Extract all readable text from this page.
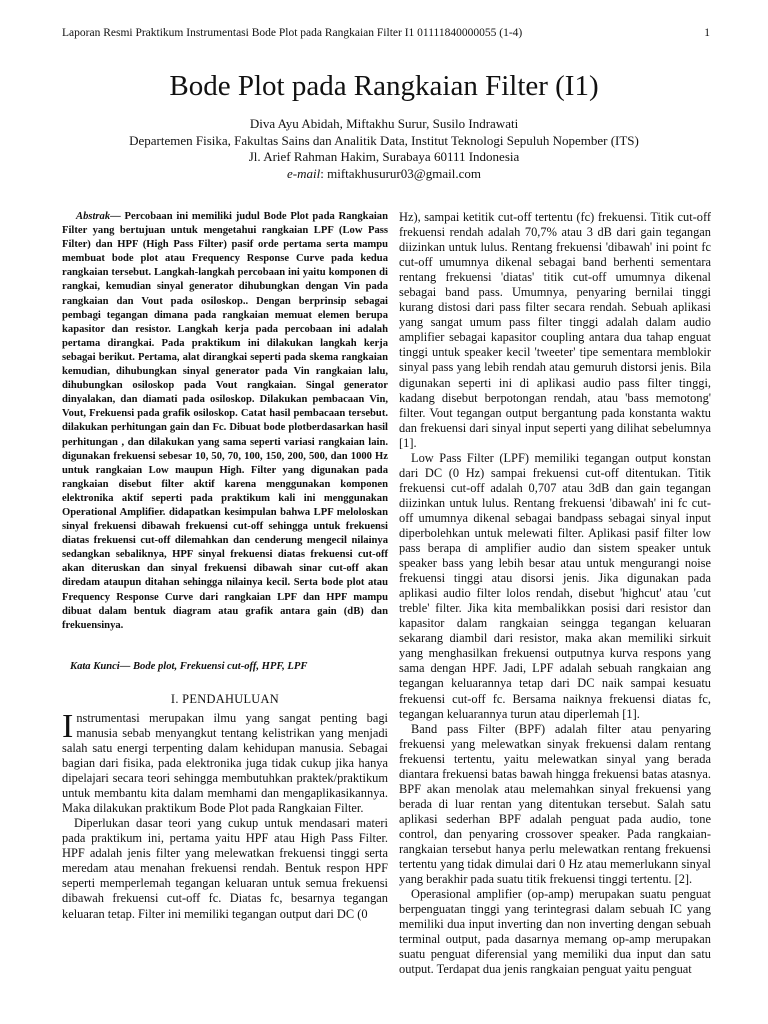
Laporan Resmi Praktikum Instrumentasi Bode Plot pada Rangkaian Filter I1 01111840000055 (1-4)	1
Bode Plot pada Rangkaian Filter (I1)
Diva Ayu Abidah, Miftakhu Surur, Susilo Indrawati
Departemen Fisika, Fakultas Sains dan Analitik Data, Institut Teknologi Sepuluh Nopember (ITS)
Jl. Arief Rahman Hakim, Surabaya 60111 Indonesia
e-mail: miftakhusurur03@gmail.com

Abstrak— Percobaan ini memiliki judul Bode Plot pada Rangkaian Filter yang bertujuan untuk mengetahui rangkaian LPF (Low Pass Filter) dan HPF (High Pass Filter) pasif orde pertama serta mampu membuat bode plot atau Frequency Response Curve pada kedua rangkaian tersebut. Langkah-langkah percobaan ini yaitu komponen di rangkai, kemudian sinyal generator dihubungkan dengan Vin pada rangkaian dan Vout pada osiloskop.. Dengan berprinsip sebagai pembagi tegangan dimana pada rangkaian memuat elemen berupa kapasitor dan resistor. Langkah kerja pada percobaan ini adalah pertama dirangkai. Pada praktikum ini dilakukan langkah kerja sebagai berikut. Pertama, alat dirangkai seperti pada skema rangkaian kemudian, dihubungkan sinyal generator pada Vin rangkaian lalu, dihubungkan osiloskop pada Vout rangkaian. Singal generator dinyalakan, dan diamati pada osiloskop. Dilakukan pembacaan Vin, Vout, Frekuensi pada grafik osiloskop. Catat hasil pembacaan tersebut. dilakukan perhitungan gain dan Fc. Dibuat bode plotberdasarkan hasil perhitungan , dan dilakukan yang sama seperti variasi rangkaian lain. digunakan frekuensi sebesar 10, 50, 70, 100, 150, 200, 500, dan 1000 Hz untuk rangkaian Low maupun High. Filter yang digunakan pada rangkaian disebut filter aktif karena menggunakan komponen elektronika aktif seperti pada praktikum kali ini menggunakan Operational Amplifier. didapatkan kesimpulan bahwa LPF meloloskan sinyal frekuensi dibawah frekuensi cut-off sehingga untuk frekuensi diatas frekuensi cut-off dilemahkan dan cenderung mengecil nilainya sedangkan sebaliknya, HPF sinyal frekuensi diatas frekuensi cut-off akan diteruskan dan sinyal frekuensi dibawah sinar cut-off akan diredam ataupun ditahan sehingga nilainya kecil. Serta bode plot atau Frequency Response Curve dari rangkaian LPF dan HPF mampu dibuat dalam bentuk diagram atau grafik antara gain (dB) dan frekuensinya.

Kata Kunci— Bode plot, Frekuensi cut-off, HPF, LPF

I. PENDAHULUAN

Instrumentasi merupakan ilmu yang sangat penting bagi manusia sebab menyangkut tentang kelistrikan yang menjadi salah satu energi terpenting dalam kehidupan manusia. Sebagai bagian dari fisika, pada elektronika juga tidak cukup jika hanya dipelajari secara teori sehingga membutuhkan praktek/praktikum untuk membantu kita dalam memhami dan mengaplikasikannya. Maka dilakukan praktikum Bode Plot pada Rangkaian Filter.

Diperlukan dasar teori yang cukup untuk mendasari materi pada praktikum ini, pertama yaitu HPF atau High Pass Filter. HPF adalah jenis filter yang melewatkan frekuensi tinggi serta meredam atau menahan frekuensi rendah. Bentuk respon HPF seperti memperlemah tegangan keluaran untuk semua frekuensi dibawah frekuensi cut-off fc. Diatas fc, besarnya tegangan keluaran tetap. Filter ini memiliki tegangan output dari DC (0

Hz), sampai ketitik cut-off tertentu (fc) frekuensi. Titik cut-off frekuensi rendah adalah 70,7% atau 3 dB dari gain tegangan diizinkan untuk lulus. Rentang frekuensi 'dibawah' ini point fc cut-off umumnya dikenal sebagai band berhenti sementara rentang frekuensi 'diatas' titik cut-off umumnya dikenal sebagai band pass. Umumnya, penyaring bernilai tinggi kurang distosi dari pass filter secara rendah. Sebuah aplikasi yang sangat umum pass filter tinggi adalah dalam audio amplifier sebagai kapasitor coupling antara dua tahap enguat tinggi untuk speaker kecil 'tweeter' tipe sementara memblokir sinyal pass yang lebih rendah atau gemuruh distorsi jenis. Bila digunakan seperti ini di aplikasi audio pass filter tinggi, kadang disebut berpotongan rendah, atau 'bass memotong' filter. Vout tegangan output bergantung pada konstanta waktu dan frekuensi dari sinyal input seperti yang dilihat sebelumnya [1].

Low Pass Filter (LPF) memiliki tegangan output konstan dari DC (0 Hz) sampai frekuensi cut-off ditentukan. Titik frekuensi cut-off adalah 0,707 atau 3dB dan gain tegangan diizinkan untuk lulus. Rentang frekuensi 'dibawah' ini fc cut-off umumnya dikenal sebagai bandpass sebagai sinyal input diperbolehkan untuk melewati filter. Aplikasi pasif filter low pass berapa di amplifier audio dan sistem speaker untuk speaker bass yang lebih besar atau untuk mengurangi noise frekuensi tinggi atau disorsi jenis. Jika digunakan pada aplikasi audio filter lolos rendah, disebut 'highcut' atau 'cut treble' filter. Jika kita membalikkan posisi dari resistor dan kapasitor dalam rangkaian seingga tegangan keluaran sekarang diambil dari resistor, maka akan memiliki sirkuit yang menghasilkan frekuensi outputnya kurva respons yang sama dengan HPF. Jadi, LPF adalah sebuah rangkaian ang tegangan keluarannya tetap dari DC naik sampai kesuatu frekuensi cut-off fc. Bersama naiknya frekuensi diatas fc, tegangan keluarannya turun atau diperlemah [1].

Band pass Filter (BPF) adalah filter atau penyaring frekuensi yang melewatkan sinyak frekuensi dalam rentang frekuensi tertentu, yaitu melewatkan sinyal yang berada diantara frekuensi batas bawah hingga frekuensi batas atasnya. BPF akan menolak atau melemahkan sinyal frekuensi yang berada di luar rentan yang ditentukan tersebut. Salah satu aplikasi sederhan BPF adalah penguat pada audio, tone control, dan penyaring crossover speaker. Pada rangkaian-rangkaian tersebut hanya perlu melewatkan rentang frekuensi tertentu yang tidak dimulai dari 0 Hz atau memerlukann sinyal yang berakhir pada suatu titik frekuensi tinggi tertentu. [2].

Operasional amplifier (op-amp) merupakan suatu penguat berpenguatan tinggi yang terintegrasi dalam sebuah IC yang memiliki dua input inverting dan non inverting dengan sebuah terminal output, pada dasarnya memang op-amp merupakan suatu penguat diferensial yang memiliki dua input dan satu output. Terdapat dua jenis rangkaian penguat yaitu penguat
